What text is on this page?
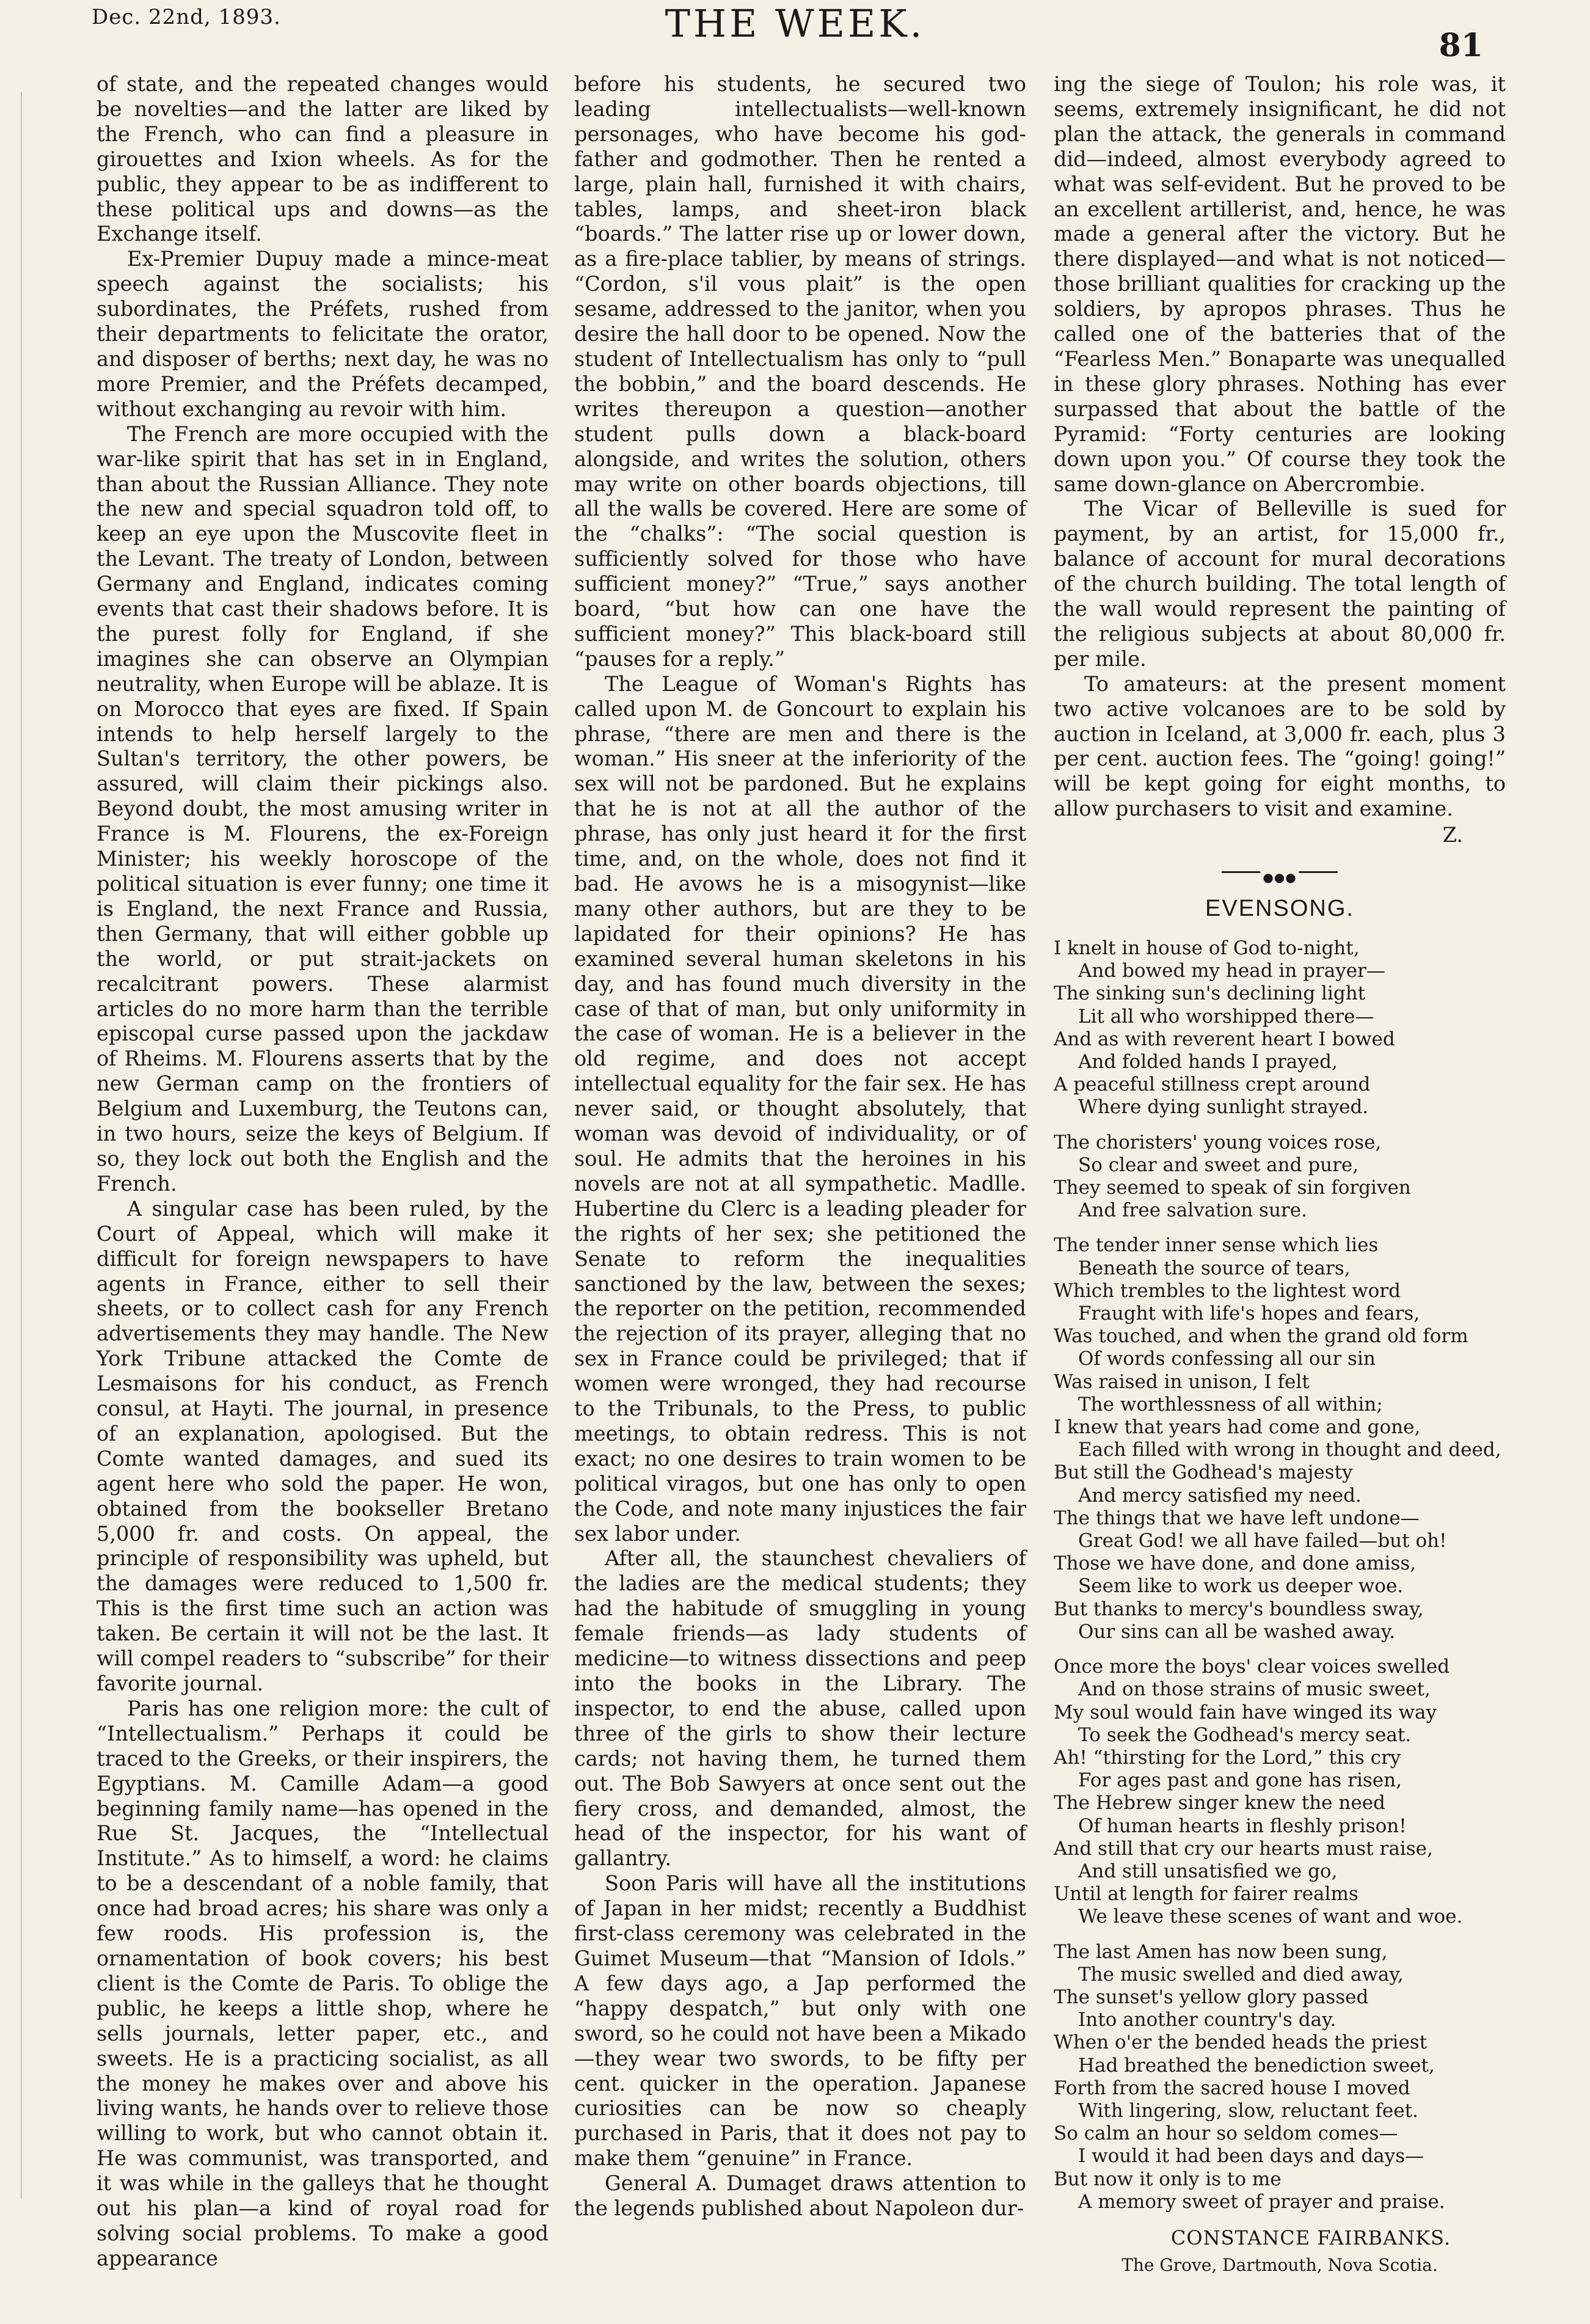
Dec. 22nd, 1893.	THE WEEK.	81

of state, and the repeated changes would be novelties—and the latter are liked by the French, who can find a pleasure in girouettes and Ixion wheels. As for the public, they appear to be as indifferent to these political ups and downs—as the Exchange itself.

Ex-Premier Dupuy made a mince-meat speech against the socialists; his subordinates, the Préfets, rushed from their departments to felicitate the orator, and disposer of berths; next day, he was no more Premier, and the Préfets decamped, without exchanging au revoir with him.

The French are more occupied with the war-like spirit that has set in in England, than about the Russian Alliance. They note the new and special squadron told off, to keep an eye upon the Muscovite fleet in the Levant. The treaty of London, between Germany and England, indicates coming events that cast their shadows before. It is the purest folly for England, if she imagines she can observe an Olympian neutrality, when Europe will be ablaze. It is on Morocco that eyes are fixed. If Spain intends to help herself largely to the Sultan's territory, the other powers, be assured, will claim their pickings also. Beyond doubt, the most amusing writer in France is M. Flourens, the ex-Foreign Minister; his weekly horoscope of the political situation is ever funny; one time it is England, the next France and Russia, then Germany, that will either gobble up the world, or put strait-jackets on recalcitrant powers. These alarmist articles do no more harm than the terrible episcopal curse passed upon the jackdaw of Rheims. M. Flourens asserts that by the new German camp on the frontiers of Belgium and Luxemburg, the Teutons can, in two hours, seize the keys of Belgium. If so, they lock out both the English and the French.

A singular case has been ruled, by the Court of Appeal, which will make it difficult for foreign newspapers to have agents in France, either to sell their sheets, or to collect cash for any French advertisements they may handle. The New York Tribune attacked the Comte de Lesmaisons for his conduct, as French consul, at Hayti. The journal, in presence of an explanation, apologised. But the Comte wanted damages, and sued its agent here who sold the paper. He won, obtained from the bookseller Bretano 5,000 fr. and costs. On appeal, the principle of responsibility was upheld, but the damages were reduced to 1,500 fr. This is the first time such an action was taken. Be certain it will not be the last. It will compel readers to “subscribe” for their favorite journal.

Paris has one religion more: the cult of “Intellectualism.” Perhaps it could be traced to the Greeks, or their inspirers, the Egyptians. M. Camille Adam—a good beginning family name—has opened in the Rue St. Jacques, the “Intellectual Institute.” As to himself, a word: he claims to be a descendant of a noble family, that once had broad acres; his share was only a few roods. His profession is, the ornamentation of book covers; his best client is the Comte de Paris. To oblige the public, he keeps a little shop, where he sells journals, letter paper, etc., and sweets. He is a practicing socialist, as all the money he makes over and above his living wants, he hands over to relieve those willing to work, but who cannot obtain it. He was communist, was transported, and it was while in the galleys that he thought out his plan—a kind of royal road for solving social problems. To make a good appearance

before his students, he secured two leading intellectualists—well-known personages, who have become his god-father and godmother. Then he rented a large, plain hall, furnished it with chairs, tables, lamps, and sheet-iron black “boards.” The latter rise up or lower down, as a fire-place tablier, by means of strings. “Cordon, s'il vous plait” is the open sesame, addressed to the janitor, when you desire the hall door to be opened. Now the student of Intellectualism has only to “pull the bobbin,” and the board descends. He writes thereupon a question—another student pulls down a black-board alongside, and writes the solution, others may write on other boards objections, till all the walls be covered. Here are some of the “chalks”: “The social question is sufficiently solved for those who have sufficient money?” “True,” says another board, “but how can one have the sufficient money?” This black-board still “pauses for a reply.”

The League of Woman's Rights has called upon M. de Goncourt to explain his phrase, “there are men and there is the woman.” His sneer at the inferiority of the sex will not be pardoned. But he explains that he is not at all the author of the phrase, has only just heard it for the first time, and, on the whole, does not find it bad. He avows he is a misogynist—like many other authors, but are they to be lapidated for their opinions? He has examined several human skeletons in his day, and has found much diversity in the case of that of man, but only uniformity in the case of woman. He is a believer in the old regime, and does not accept intellectual equality for the fair sex. He has never said, or thought absolutely, that woman was devoid of individuality, or of soul. He admits that the heroines in his novels are not at all sympathetic. Madlle. Hubertine du Clerc is a leading pleader for the rights of her sex; she petitioned the Senate to reform the inequalities sanctioned by the law, between the sexes; the reporter on the petition, recommended the rejection of its prayer, alleging that no sex in France could be privileged; that if women were wronged, they had recourse to the Tribunals, to the Press, to public meetings, to obtain redress. This is not exact; no one desires to train women to be political viragos, but one has only to open the Code, and note many injustices the fair sex labor under.

After all, the staunchest chevaliers of the ladies are the medical students; they had the habitude of smuggling in young female friends—as lady students of medicine—to witness dissections and peep into the books in the Library. The inspector, to end the abuse, called upon three of the girls to show their lecture cards; not having them, he turned them out. The Bob Sawyers at once sent out the fiery cross, and demanded, almost, the head of the inspector, for his want of gallantry.

Soon Paris will have all the institutions of Japan in her midst; recently a Buddhist first-class ceremony was celebrated in the Guimet Museum—that “Mansion of Idols.” A few days ago, a Jap performed the “happy despatch,” but only with one sword, so he could not have been a Mikado—they wear two swords, to be fifty per cent. quicker in the operation. Japanese curiosities can be now so cheaply purchased in Paris, that it does not pay to make them “genuine” in France.

General A. Dumaget draws attention to the legends published about Napoleon dur-

ing the siege of Toulon; his role was, it seems, extremely insignificant, he did not plan the attack, the generals in command did—indeed, almost everybody agreed to what was self-evident. But he proved to be an excellent artillerist, and, hence, he was made a general after the victory. But he there displayed—and what is not noticed—those brilliant qualities for cracking up the soldiers, by apropos phrases. Thus he called one of the batteries that of the “Fearless Men.” Bonaparte was unequalled in these glory phrases. Nothing has ever surpassed that about the battle of the Pyramid: “Forty centuries are looking down upon you.” Of course they took the same down-glance on Abercrombie.

The Vicar of Belleville is sued for payment, by an artist, for 15,000 fr., balance of account for mural decorations of the church building. The total length of the wall would represent the painting of the religious subjects at about 80,000 fr. per mile.

To amateurs: at the present moment two active volcanoes are to be sold by auction in Iceland, at 3,000 fr. each, plus 3 per cent. auction fees. The “going! going!” will be kept going for eight months, to allow purchasers to visit and examine.

Z.
●●●
EVENSONG.
I knelt in house of God to-night,
And bowed my head in prayer—
The sinking sun's declining light
Lit all who worshipped there—
And as with reverent heart I bowed
And folded hands I prayed,
A peaceful stillness crept around
Where dying sunlight strayed.
The choristers' young voices rose,
So clear and sweet and pure,
They seemed to speak of sin forgiven
And free salvation sure.
The tender inner sense which lies
Beneath the source of tears,
Which trembles to the lightest word
Fraught with life's hopes and fears,
Was touched, and when the grand old form
Of words confessing all our sin
Was raised in unison, I felt
The worthlessness of all within;
I knew that years had come and gone,
Each filled with wrong in thought and deed,
But still the Godhead's majesty
And mercy satisfied my need.
The things that we have left undone—
Great God! we all have failed—but oh!
Those we have done, and done amiss,
Seem like to work us deeper woe.
But thanks to mercy's boundless sway,
Our sins can all be washed away.
Once more the boys' clear voices swelled
And on those strains of music sweet,
My soul would fain have winged its way
To seek the Godhead's mercy seat.
Ah! “thirsting for the Lord,” this cry
For ages past and gone has risen,
The Hebrew singer knew the need
Of human hearts in fleshly prison!
And still that cry our hearts must raise,
And still unsatisfied we go,
Until at length for fairer realms
We leave these scenes of want and woe.
The last Amen has now been sung,
The music swelled and died away,
The sunset's yellow glory passed
Into another country's day.
When o'er the bended heads the priest
Had breathed the benediction sweet,
Forth from the sacred house I moved
With lingering, slow, reluctant feet.
So calm an hour so seldom comes—
I would it had been days and days—
But now it only is to me
A memory sweet of prayer and praise.
CONSTANCE FAIRBANKS.
The Grove, Dartmouth, Nova Scotia.
